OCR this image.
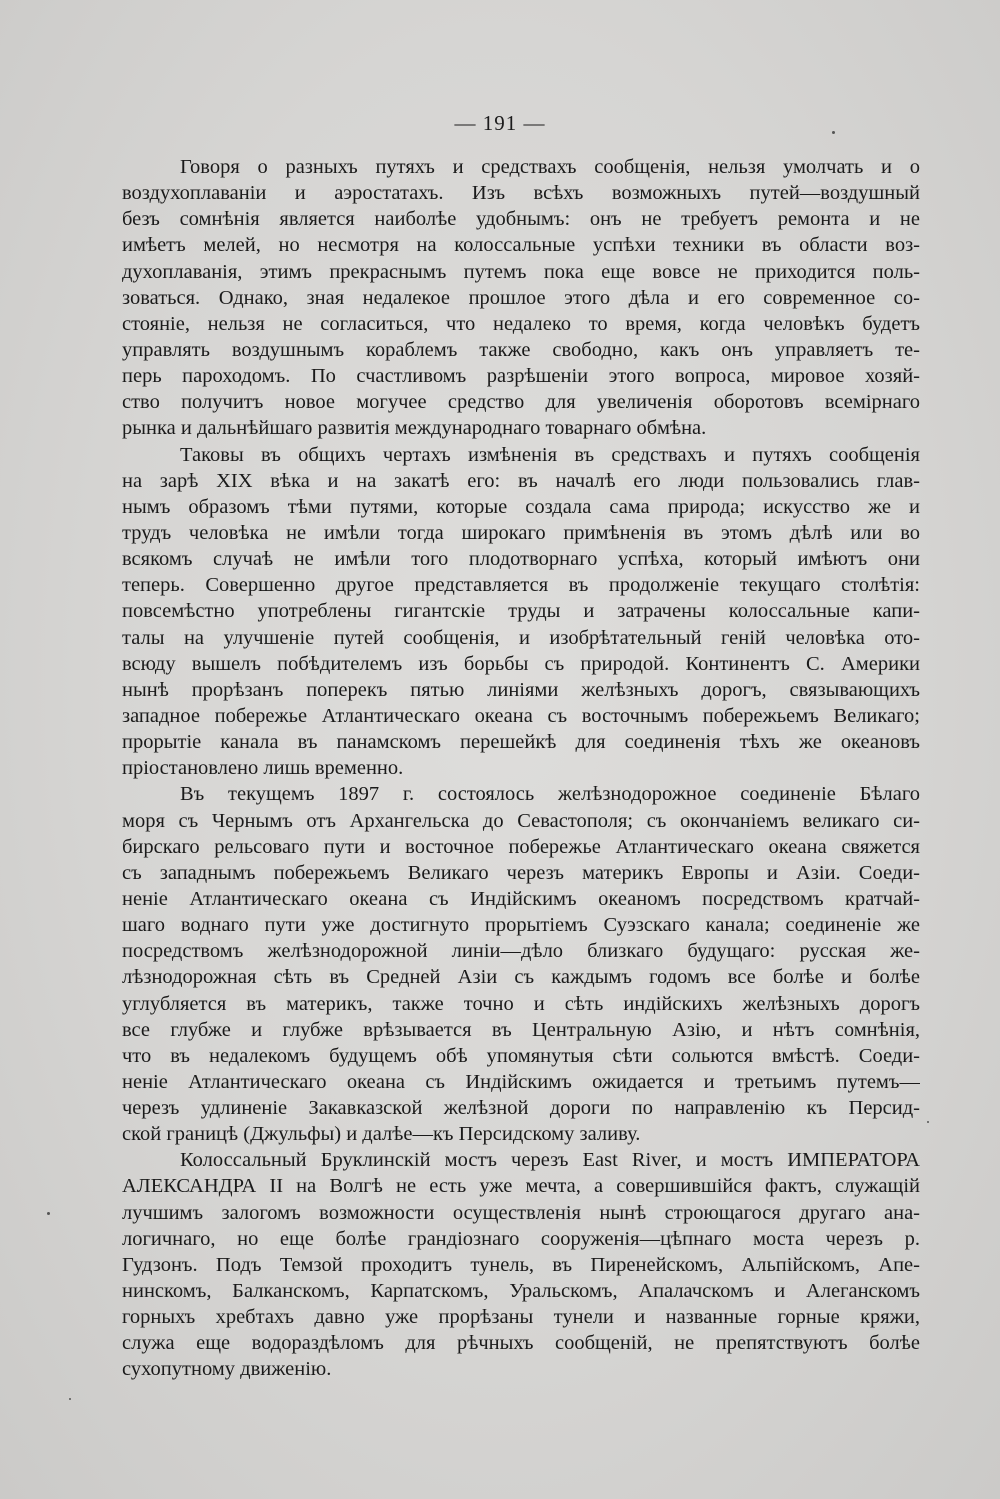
— 191 —
Говоря о разныхъ путяхъ и средствахъ сообщенія, нельзя умолчать и о
воздухоплаваніи и аэростатахъ. Изъ всѣхъ возможныхъ путей—воздушный
безъ сомнѣнія является наиболѣе удобнымъ: онъ не требуетъ ремонта и не
имѣетъ мелей, но несмотря на колоссальные успѣхи техники въ области воз-
духоплаванія, этимъ прекраснымъ путемъ пока еще вовсе не приходится поль-
зоваться. Однако, зная недалекое прошлое этого дѣла и его современное со-
стояніе, нельзя не согласиться, что недалеко то время, когда человѣкъ будетъ
управлять воздушнымъ кораблемъ также свободно, какъ онъ управляетъ те-
перь пароходомъ. По счастливомъ разрѣшеніи этого вопроса, мировое хозяй-
ство получитъ новое могучее средство для увеличенія оборотовъ всемірнаго
рынка и дальнѣйшаго развитія международнаго товарнаго обмѣна.
Таковы въ общихъ чертахъ измѣненія въ средствахъ и путяхъ сообщенія
на зарѣ XIX вѣка и на закатѣ его: въ началѣ его люди пользовались глав-
нымъ образомъ тѣми путями, которые создала сама природа; искусство же и
трудъ человѣка не имѣли тогда широкаго примѣненія въ этомъ дѣлѣ или во
всякомъ случаѣ не имѣли того плодотворнаго успѣха, который имѣютъ они
теперь. Совершенно другое представляется въ продолженіе текущаго столѣтія:
повсемѣстно употреблены гигантскіе труды и затрачены колоссальные капи-
талы на улучшеніе путей сообщенія, и изобрѣтательный геній человѣка ото-
всюду вышелъ побѣдителемъ изъ борьбы съ природой. Континентъ С. Америки
нынѣ прорѣзанъ поперекъ пятью линіями желѣзныхъ дорогъ, связывающихъ
западное побережье Атлантическаго океана съ восточнымъ побережьемъ Великаго;
прорытіе канала въ панамскомъ перешейкѣ для соединенія тѣхъ же океановъ
пріостановлено лишь временно.
Въ текущемъ 1897 г. состоялось желѣзнодорожное соединеніе Бѣлаго
моря съ Чернымъ отъ Архангельска до Севастополя; съ окончаніемъ великаго си-
бирскаго рельсоваго пути и восточное побережье Атлантическаго океана свяжется
съ западнымъ побережьемъ Великаго черезъ материкъ Европы и Азіи. Соеди-
неніе Атлантическаго океана съ Индійскимъ океаномъ посредствомъ кратчай-
шаго воднаго пути уже достигнуто прорытіемъ Суэзскаго канала; соединеніе же
посредствомъ желѣзнодорожной линіи—дѣло близкаго будущаго: русская же-
лѣзнодорожная сѣть въ Средней Азіи съ каждымъ годомъ все болѣе и болѣе
углубляется въ материкъ, также точно и сѣть индійскихъ желѣзныхъ дорогъ
все глубже и глубже врѣзывается въ Центральную Азію, и нѣтъ сомнѣнія,
что въ недалекомъ будущемъ обѣ упомянутыя сѣти сольются вмѣстѣ. Соеди-
неніе Атлантическаго океана съ Индійскимъ ожидается и третьимъ путемъ—
черезъ удлиненіе Закавказской желѣзной дороги по направленію къ Персид-
ской границѣ (Джульфы) и далѣе—къ Персидскому заливу.
Колоссальный Бруклинскій мостъ черезъ East River, и мостъ ИМПЕРАТОРА
АЛЕКСАНДРА II на Волгѣ не есть уже мечта, а совершившійся фактъ, служащій
лучшимъ залогомъ возможности осуществленія нынѣ строющагося другаго ана-
логичнаго, но еще болѣе грандіознаго сооруженія—цѣпнаго моста черезъ р.
Гудзонъ. Подъ Темзой проходитъ тунель, въ Пиренейскомъ, Альпійскомъ, Апе-
нинскомъ, Балканскомъ, Карпатскомъ, Уральскомъ, Апалачскомъ и Алеганскомъ
горныхъ хребтахъ давно уже прорѣзаны тунели и названные горные кряжи,
служа еще водораздѣломъ для рѣчныхъ сообщеній, не препятствуютъ болѣе
сухопутному движенію.
